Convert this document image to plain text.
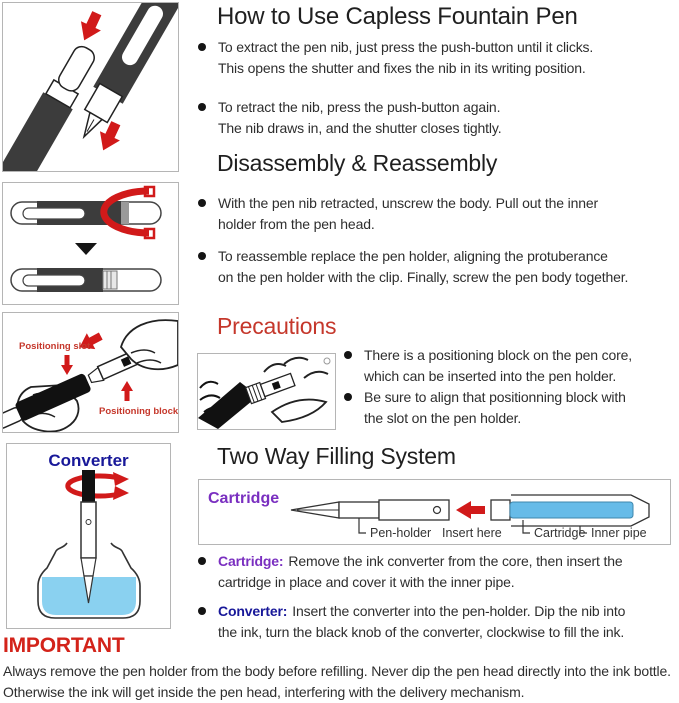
Positioning slot
Positioning block
Converter
How to Use Capless Fountain Pen
To extract the pen nib, just press the push-button until it clicks.
This opens the shutter and fixes the nib in its writing position.
To retract the nib, press the push-button again.
The nib draws in, and the shutter closes tightly.
Disassembly & Reassembly
With the pen nib retracted, unscrew the body. Pull out the inner
holder from the pen head.
To reassemble replace the pen holder, aligning the protuberance
on the pen holder with the clip. Finally, screw the pen body together.
Precautions
There is a positioning block on the pen core,
which can be inserted into the pen holder.
Be sure to align that positionning block with
the slot on the pen holder.
Two Way Filling System
Cartridge
Pen-holder Insert here	Cartridge Inner pipe
Cartridge: Remove the ink converter from the core, then insert the
cartridge in place and cover it with the inner pipe.
Converter: Insert the converter into the pen-holder. Dip the nib into
the ink, turn the black knob of the converter, clockwise to fill the ink.
IMPORTANT
Always remove the pen holder from the body before refilling. Never dip the pen head directly into the ink bottle.
Otherwise the ink will get inside the pen head, interfering with the delivery mechanism.
